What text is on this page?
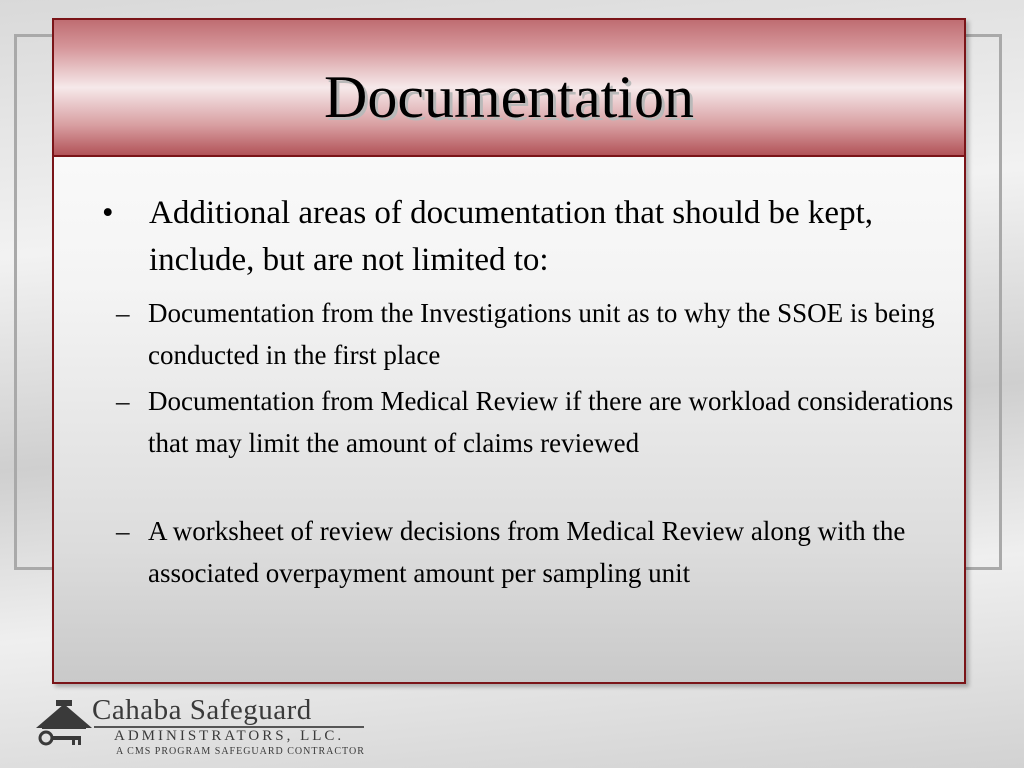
Documentation
• Additional areas of documentation that should be kept, include, but are not limited to:
– Documentation from the Investigations unit as to why the SSOE is being conducted in the first place
– Documentation from Medical Review if there are workload considerations that may limit the amount of claims reviewed
– A worksheet of review decisions from Medical Review along with the associated overpayment amount per sampling unit
Cahaba Safeguard
ADMINISTRATORS, LLC.
A CMS PROGRAM SAFEGUARD CONTRACTOR
